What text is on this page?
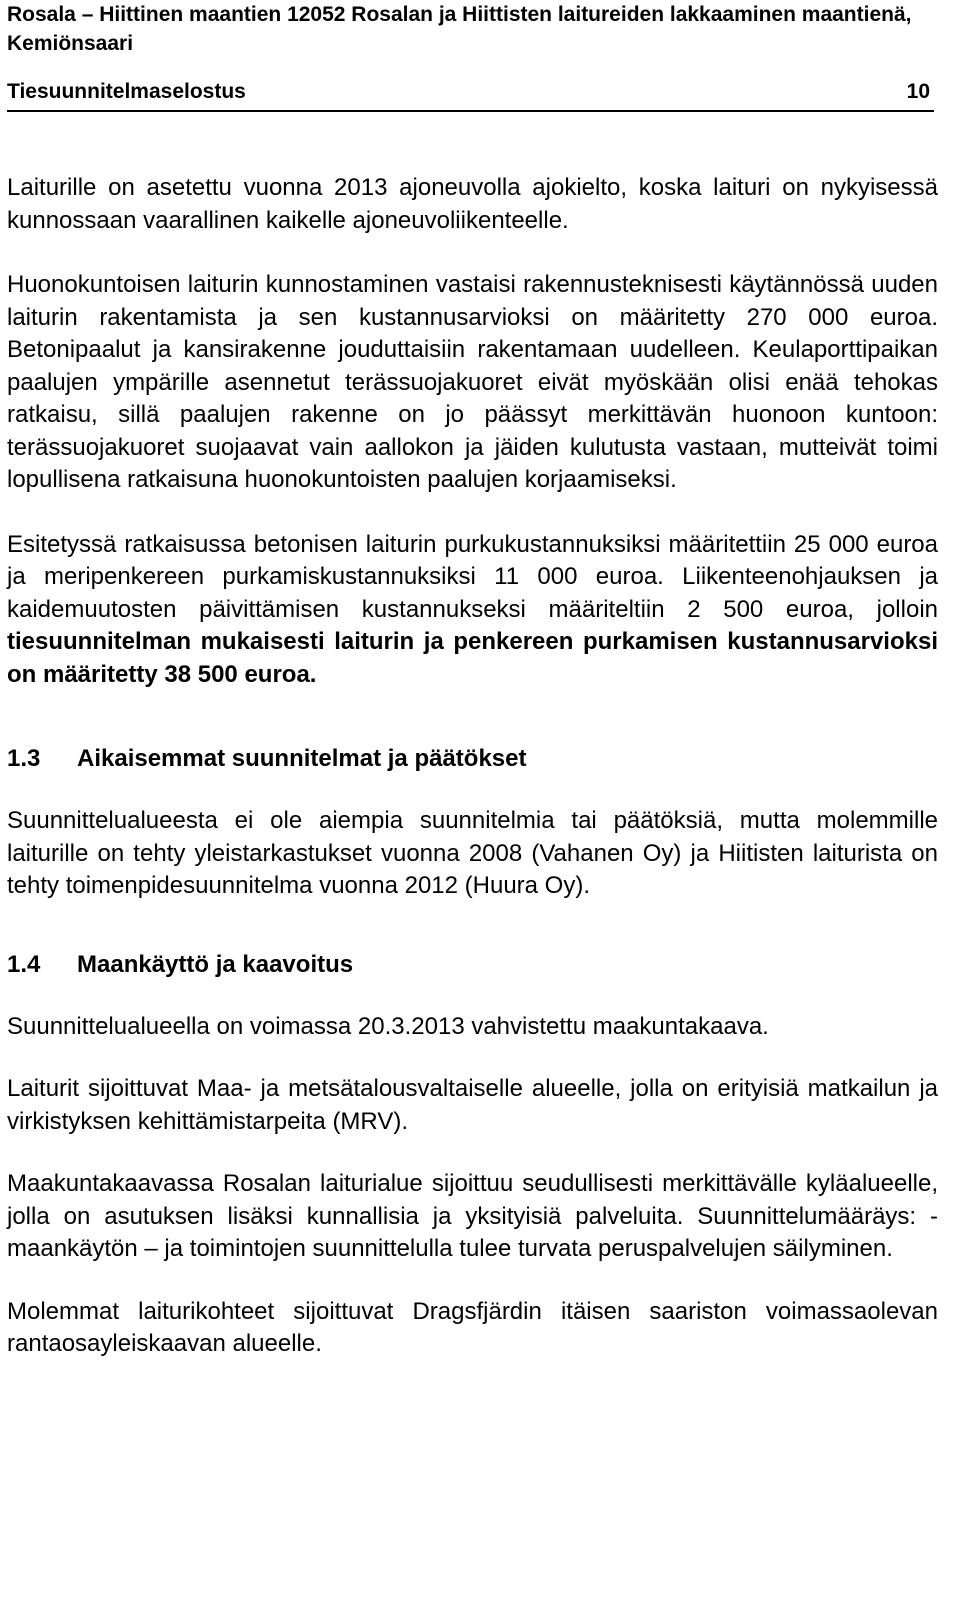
Rosala – Hiittinen maantien 12052 Rosalan ja Hiittisten laitureiden lakkaaminen maantienä, Kemiönsaari
Tiesuunnitelmaselostus	10

Laiturille on asetettu vuonna 2013 ajoneuvolla ajokielto, koska laituri on nykyisessä kunnossaan vaarallinen kaikelle ajoneuvoliikenteelle.

Huonokuntoisen laiturin kunnostaminen vastaisi rakennusteknisesti käytännössä uuden laiturin rakentamista ja sen kustannusarvioksi on määritetty 270 000 euroa. Betonipaalut ja kansirakenne jouduttaisiin rakentamaan uudelleen. Keulaporttipaikan paalujen ympärille asennetut terässuojakuoret eivät myöskään olisi enää tehokas ratkaisu, sillä paalujen rakenne on jo päässyt merkittävän huonoon kuntoon: terässuojakuoret suojaavat vain aallokon ja jäiden kulutusta vastaan, mutteivät toimi lopullisena ratkaisuna huonokuntoisten paalujen korjaamiseksi.

Esitetyssä ratkaisussa betonisen laiturin purkukustannuksiksi määritettiin 25 000 euroa ja meripenkereen purkamiskustannuksiksi 11 000 euroa. Liikenteenohjauksen ja kaidemuutosten päivittämisen kustannukseksi määriteltiin 2 500 euroa, jolloin tiesuunnitelman mukaisesti laiturin ja penkereen purkamisen kustannusarvioksi on määritetty 38 500 euroa.

1.3	Aikaisemmat suunnitelmat ja päätökset

Suunnittelualueesta ei ole aiempia suunnitelmia tai päätöksiä, mutta molemmille laiturille on tehty yleistarkastukset vuonna 2008 (Vahanen Oy) ja Hiitisten laiturista on tehty toimenpidesuunnitelma vuonna 2012 (Huura Oy).

1.4	Maankäyttö ja kaavoitus

Suunnittelualueella on voimassa 20.3.2013 vahvistettu maakuntakaava.

Laiturit sijoittuvat Maa- ja metsätalousvaltaiselle alueelle, jolla on erityisiä matkailun ja virkistyksen kehittämistarpeita (MRV).

Maakuntakaavassa Rosalan laiturialue sijoittuu seudullisesti merkittävälle kyläalueelle, jolla on asutuksen lisäksi kunnallisia ja yksityisiä palveluita. Suunnittelumääräys: - maankäytön – ja toimintojen suunnittelulla tulee turvata peruspalvelujen säilyminen.

Molemmat laiturikohteet sijoittuvat Dragsfjärdin itäisen saariston voimassaolevan rantaosayleiskaavan alueelle.
